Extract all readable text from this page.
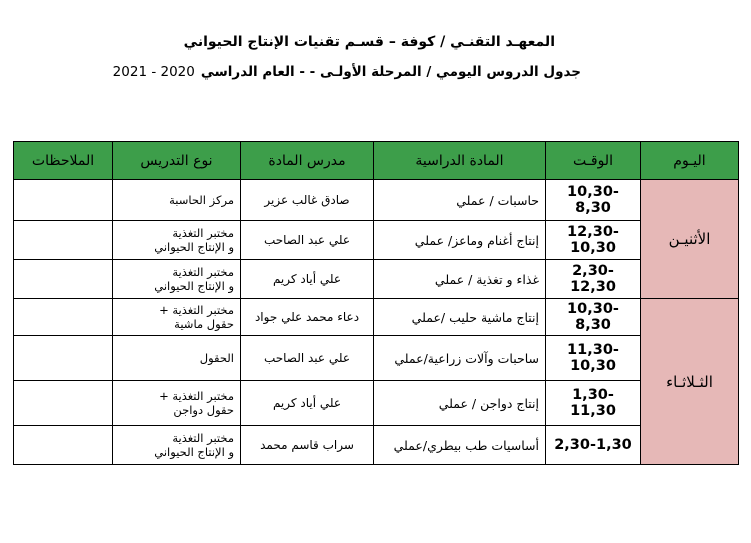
المعهـد التقنـي / كوفة – قسـم تقنيات الإنتاج الحيواني
جدول الدروس اليومي / المرحلة الأولـى - - العام الدراسي2020 - 2021
اليـوم	الوقـت	المادة الدراسية	مدرس المادة	نوع التدريس	الملاحظات
الأثنيـن	10,30-8,30	حاسبات / عملي	صادق غالب عزير	مركز الحاسبة	
	12,30-10,30	إنتاج أغنام وماعز/ عملي	علي عبد الصاحب	مختبر التغذية
و الإنتاج الحيواني	
	2,30-12,30	غذاء و تغذية / عملي	علي أياد كريم	مختبر التغذية
و الإنتاج الحيواني	
الثـلاثـاء	10,30-8,30	إنتاج ماشية حليب /عملي	دعاء محمد علي جواد	مختبر التغذية +
حقول ماشية	
	11,30-10,30	ساحبات وآلات زراعية/عملي	علي عبد الصاحب	الحقول	
	1,30-11,30	إنتاج دواجن / عملي	علي أياد كريم	مختبر التغذية +
حقول دواجن	
	2,30-1,30	أساسيات طب بيطري/عملي	سراب قاسم محمد	مختبر التغذية
و الإنتاج الحيواني	
